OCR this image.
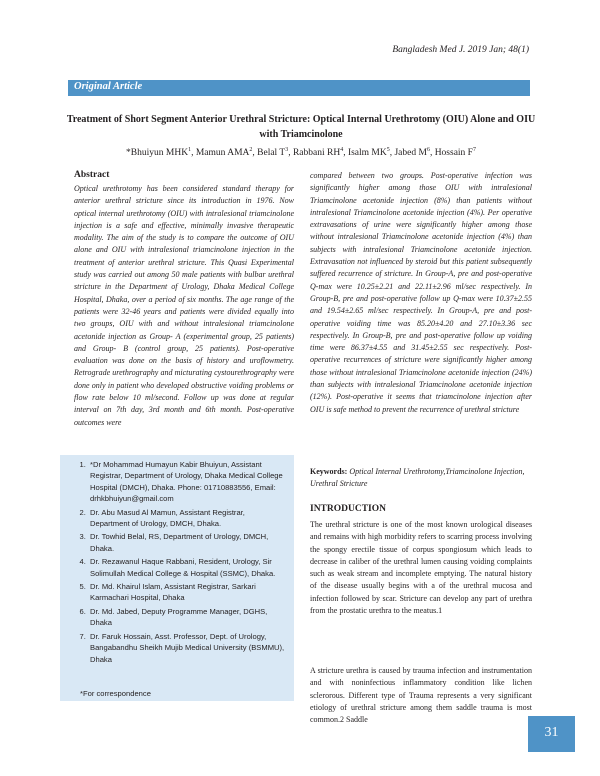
Bangladesh Med J. 2019 Jan; 48(1)
Original Article
Treatment of Short Segment Anterior Urethral Stricture: Optical Internal Urethrotomy (OIU) Alone and OIU with Triamcinolone
*Bhuiyun MHK$^1$, Mamun AMA$^2$, Belal $T^3$, Rabbani $RH^4$, Isalm $MK^5$, Jabed $M^6$, Hossain $F^7$
Abstract

Optical urethrotomy has been considered standard therapy for anterior urethral stricture since its introduction in 1976. Now optical internal urethrotomy (OIU) with intralesional triamcinolone injection is a safe and effective, minimally invasive therapeutic modality. The aim of the study is to compare the outcome of OIU alone and OIU with intralesional triamcinolone injection in the treatment of anterior urethral stricture. This Quasi Experimental study was carried out among 50 male patients with bulbar urethral stricture in the Department of Urology, Dhaka Medical College Hospital, Dhaka, over a period of six months. The age range of the patients were 32-46 years and patients were divided equally into two groups, OIU with and without intralesional triamcinolone acetonide injection as Group- A (experimental group, 25 patients) and Group- B (control group, 25 patients). Post-operative evaluation was done on the basis of history and uroflowmetry. Retrograde urethrography and micturating cystourethrography were done only in patient who developed obstructive voiding problems or flow rate below 10 ml/second. Follow up was done at regular interval on 7th day, 3rd month and 6th month. Post-operative outcomes were

compared between two groups. Post-operative infection was significantly higher among those OIU with intralesional Triamcinolone acetonide injection (8%) than patients without intralesional Triamcinolone acetonide injection (4%). Per operative extravasations of urine were significantly higher among those without intralesional Triamcinolone acetonide injection (4%) than subjects with intralesional Triamcinolone acetonide injection. Extravasation not influenced by steroid but this patient subsequently suffered recurrence of stricture. In Group-A, pre and post-operative Q-max were 10.25±2.21 and 22.11±2.96 ml/sec respectively. In Group-B, pre and post-operative follow up Q-max were 10.37±2.55 and 19.54±2.65 ml/sec respectively. In Group-A, pre and post-operative voiding time was 85.20±4.20 and 27.10±3.36 sec respectively. In Group-B, pre and post-operative follow up voiding time were 86.37±4.55 and 31.45±2.55 sec respectively. Post-operative recurrences of stricture were significantly higher among those without intralesional Triamcinolone acetonide injection (24%) than subjects with intralesional Triamcinolone acetonide injection (12%). Post-operative it seems that triamcinolone injection after OIU is safe method to prevent the recurrence of urethral stricture

Keywords: Optical Internal Urethrotomy,Triamcinolone Injection, Urethral Stricture

INTRODUCTION

The urethral stricture is one of the most known urological diseases and remains with high morbidity refers to scarring process involving the spongy erectile tissue of corpus spongiosum which leads to decrease in caliber of the urethral lumen causing voiding complaints such as weak stream and incomplete emptying. The natural history of the disease usually begins with a of the urethral mucosa and infection followed by scar. Stricture can develop any part of urethra from the prostatic urethra to the meatus.1

A stricture urethra is caused by trauma infection and instrumentation and with noninfectious inflammatory condition like lichen sclerorous. Different type of Trauma represents a very significant etiology of urethral stricture among them saddle trauma is most common.2 Saddle

1. *Dr Mohammad Humayun Kabir Bhuiyun, Assistant Registrar, Department of Urology, Dhaka Medical College Hospital (DMCH), Dhaka. Phone: 01710883556, Email: drhkbhuiyun@gmail.com
2. Dr. Abu Masud Al Mamun, Assistant Registrar, Department of Urology, DMCH, Dhaka.
3. Dr. Towhid Belal, RS, Department of Urology, DMCH, Dhaka.
4. Dr. Rezawanul Haque Rabbani, Resident, Urology, Sir Solimullah Medical College & Hospital (SSMC), Dhaka.
5. Dr. Md. Khairul Islam, Assistant Registrar, Sarkari Karmachari Hospital, Dhaka
6. Dr. Md. Jabed, Deputy Programme Manager, DGHS, Dhaka
7. Dr. Faruk Hossain, Asst. Professor, Dept. of Urology, Bangabandhu Sheikh Mujib Medical University (BSMMU), Dhaka
*For correspondence
31
